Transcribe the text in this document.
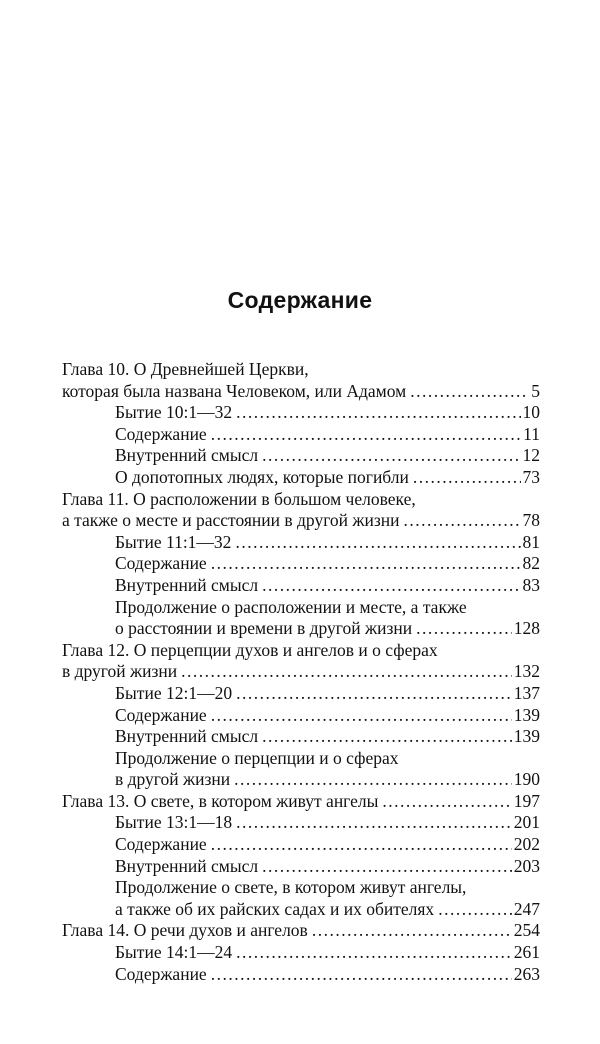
Содержание
Глава 10. О Древнейшей Церкви,
которая была названа Человеком, или Адамом .....	5
Бытие 10:1—32 .....	10
Содержание .....	11
Внутренний смысл .....	12
О допотопных людях, которые погибли .....	73
Глава 11. О расположении в большом человеке,
а также о месте и расстоянии в другой жизни .....	78
Бытие 11:1—32 .....	81
Содержание .....	82
Внутренний смысл .....	83
Продолжение о расположении и месте, а также
о расстоянии и времени в другой жизни .....	128
Глава 12. О перцепции духов и ангелов и о сферах
в другой жизни .....	132
Бытие 12:1—20 .....	137
Содержание .....	139
Внутренний смысл .....	139
Продолжение о перцепции и о сферах
в другой жизни .....	190
Глава 13. О свете, в котором живут ангелы .....	197
Бытие 13:1—18 .....	201
Содержание .....	202
Внутренний смысл .....	203
Продолжение о свете, в котором живут ангелы,
а также об их райских садах и их обителях .....	247
Глава 14. О речи духов и ангелов .....	254
Бытие 14:1—24 .....	261
Содержание .....	263
